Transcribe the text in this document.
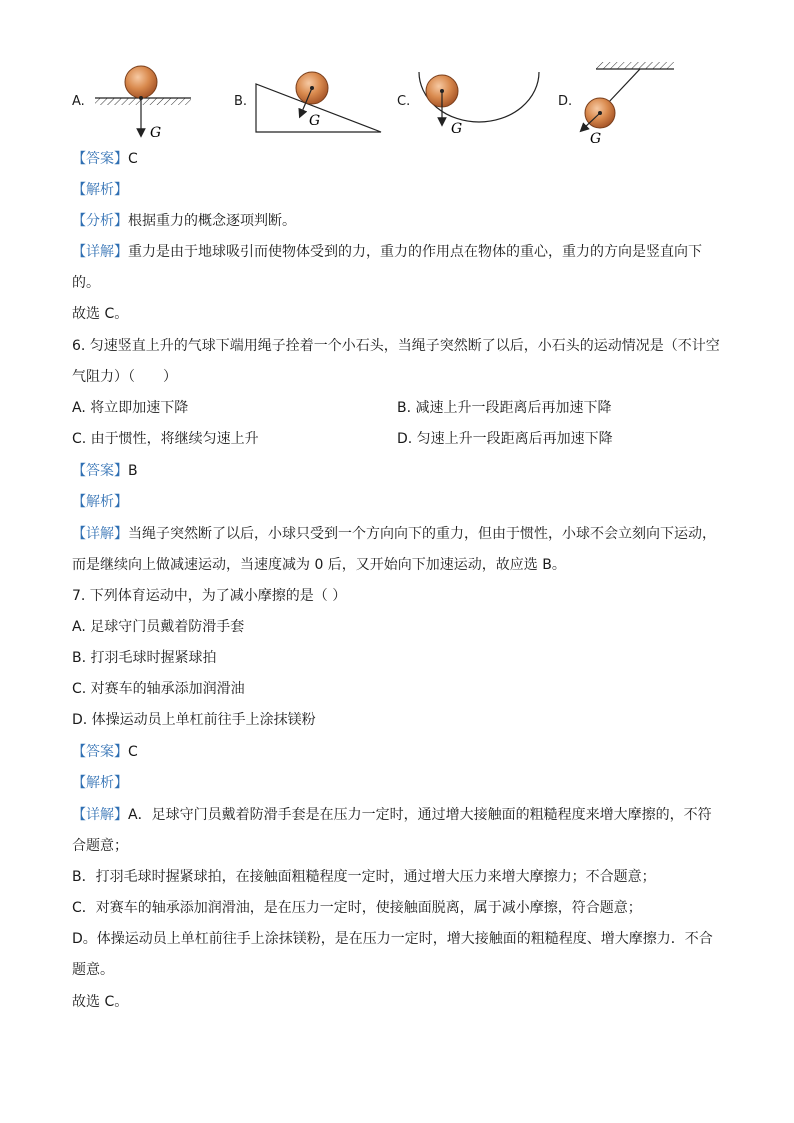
G
G	G
G
A.	B.	C.	D.
【答案】C
【解析】
【分析】根据重力的概念逐项判断。
【详解】重力是由于地球吸引而使物体受到的力，重力的作用点在物体的重心，重力的方向是竖直向下
的。
故选 C。
6. 匀速竖直上升的气球下端用绳子拴着一个小石头，当绳子突然断了以后，小石头的运动情况是（不计空
气阻力）（　　）
A. 将立即加速下降	B. 减速上升一段距离后再加速下降
C. 由于惯性，将继续匀速上升	D. 匀速上升一段距离后再加速下降
【答案】B
【解析】
【详解】当绳子突然断了以后，小球只受到一个方向向下的重力，但由于惯性，小球不会立刻向下运动，
而是继续向上做减速运动，当速度减为 0 后，又开始向下加速运动，故应选 B。
7. 下列体育运动中，为了减小摩擦的是（ ）
A. 足球守门员戴着防滑手套
B. 打羽毛球时握紧球拍
C. 对赛车的轴承添加润滑油
D. 体操运动员上单杠前往手上涂抹镁粉
【答案】C
【解析】
【详解】A．足球守门员戴着防滑手套是在压力一定时，通过增大接触面的粗糙程度来增大摩擦的，不符
合题意；
B．打羽毛球时握紧球拍，在接触面粗糙程度一定时，通过增大压力来增大摩擦力；不合题意；
C．对赛车的轴承添加润滑油，是在压力一定时，使接触面脱离，属于减小摩擦，符合题意；
D。体操运动员上单杠前往手上涂抹镁粉，是在压力一定时，增大接触面的粗糙程度、增大摩擦力．不合
题意。
故选 C。
